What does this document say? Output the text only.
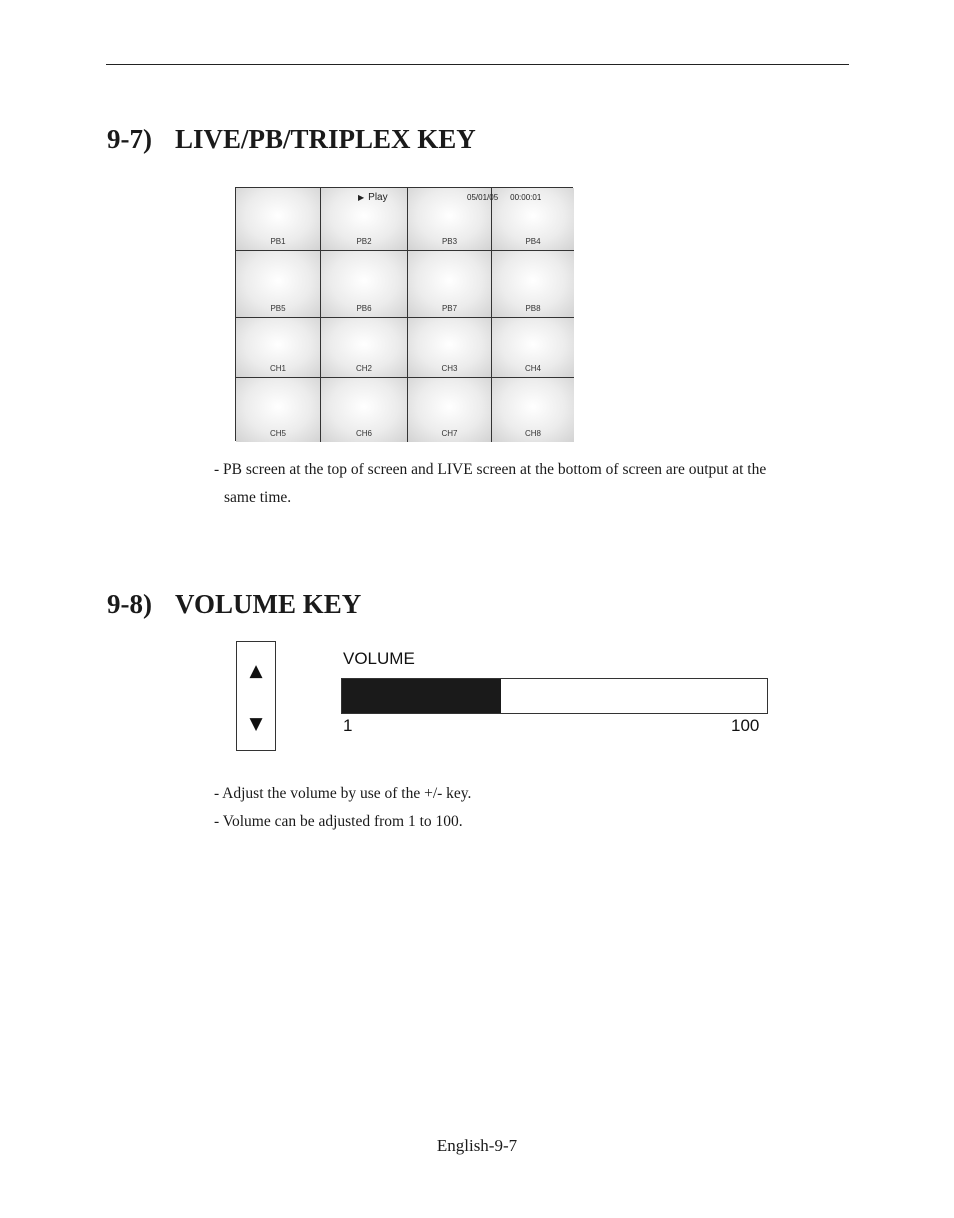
9-7) LIVE/PB/TRIPLEX KEY
PB1	PB2	PB3	PB4
PB5	PB6	PB7	PB8
CH1	CH2	CH3	CH4
CH5	CH6	CH7	CH8
▶ Play	05/01/05 00:00:01

- PB screen at the top of screen and LIVE screen at the bottom of screen are output at the
same time.

9-8) VOLUME KEY
▲
▼
VOLUME
1	100

- Adjust the volume by use of the +/- key.

- Volume can be adjusted from 1 to 100.

English-9-7
